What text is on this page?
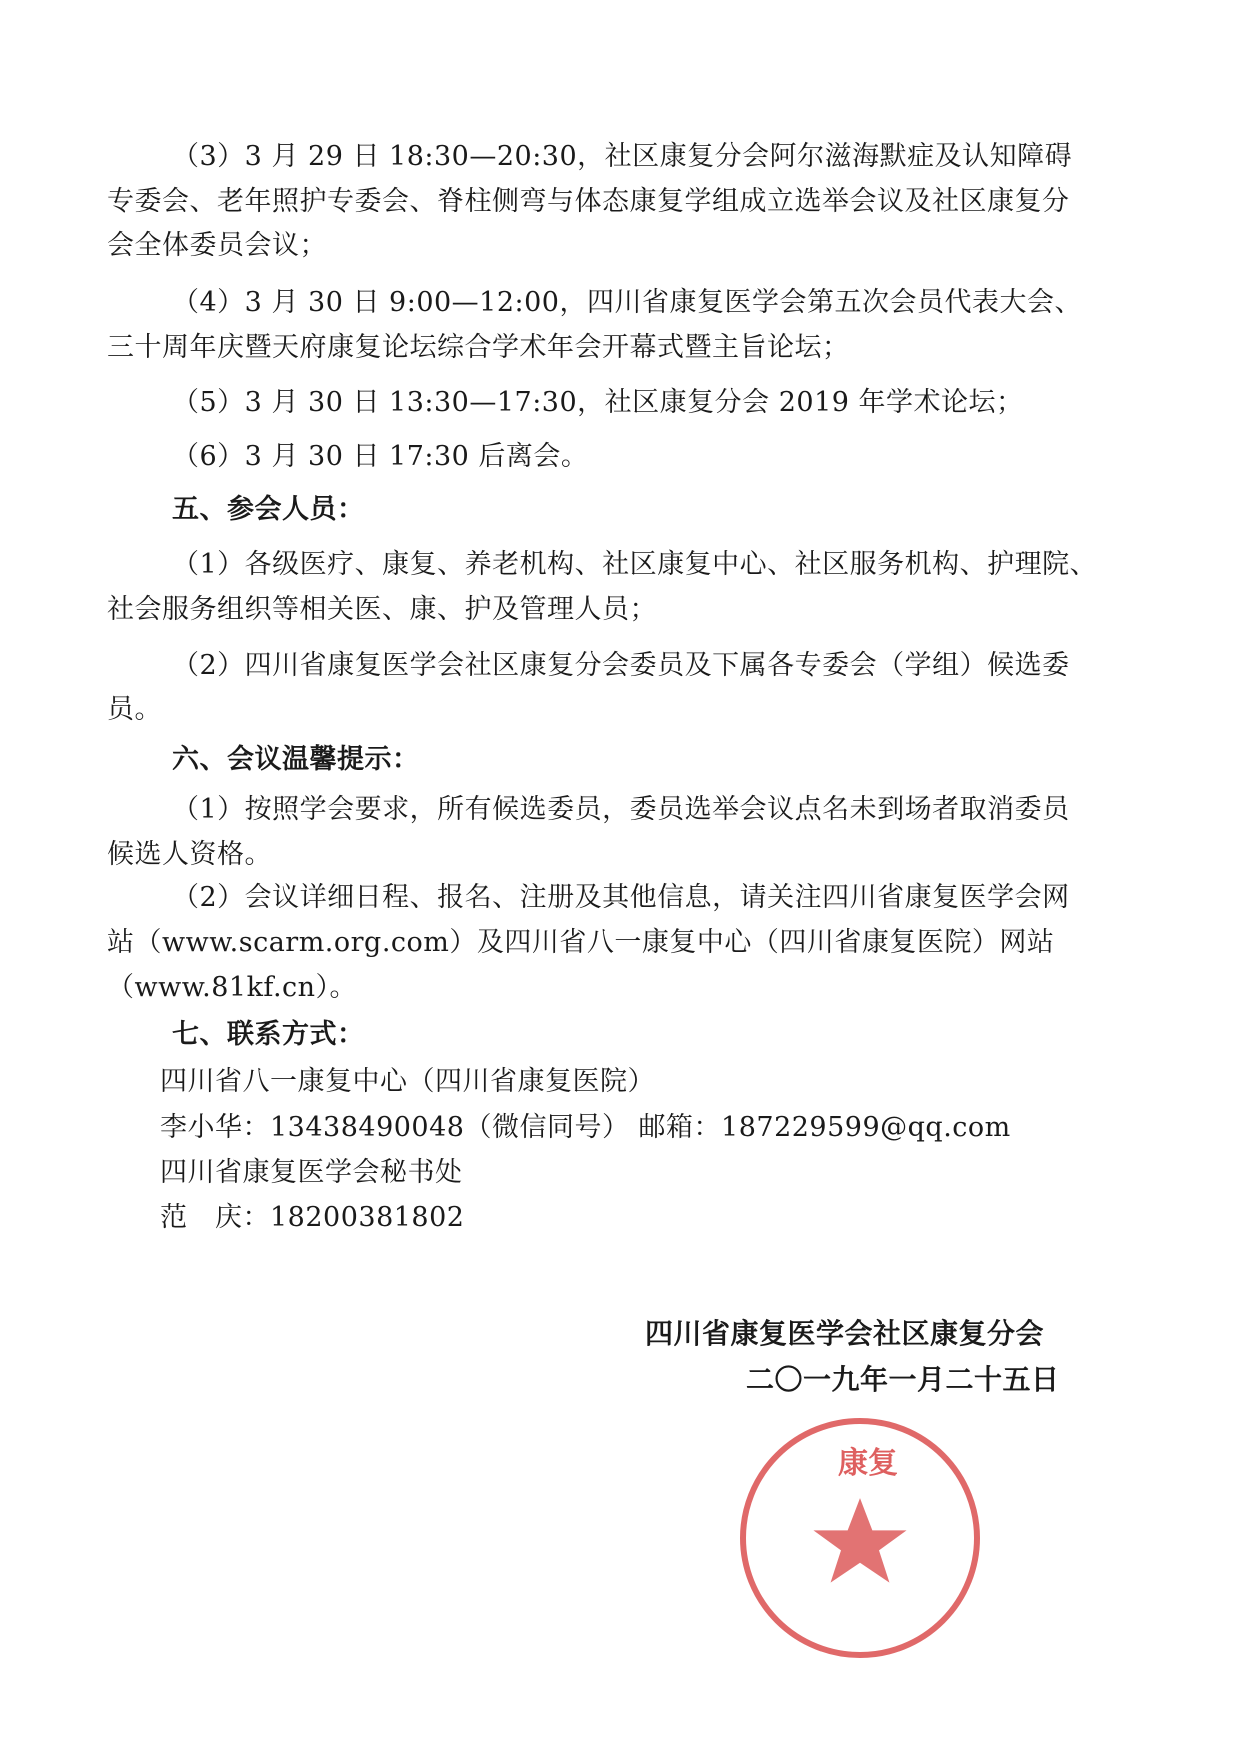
（3）3 月 29 日 18:30—20:30，社区康复分会阿尔滋海默症及认知障碍
专委会、老年照护专委会、脊柱侧弯与体态康复学组成立选举会议及社区康复分
会全体委员会议；
（4）3 月 30 日 9:00—12:00，四川省康复医学会第五次会员代表大会、
三十周年庆暨天府康复论坛综合学术年会开幕式暨主旨论坛；
（5）3 月 30 日 13:30—17:30，社区康复分会 2019 年学术论坛；
（6）3 月 30 日 17:30 后离会。
五、参会人员：
（1）各级医疗、康复、养老机构、社区康复中心、社区服务机构、护理院、
社会服务组织等相关医、康、护及管理人员；
（2）四川省康复医学会社区康复分会委员及下属各专委会（学组）候选委
员。
六、会议温馨提示：
（1）按照学会要求，所有候选委员，委员选举会议点名未到场者取消委员
候选人资格。
（2）会议详细日程、报名、注册及其他信息，请关注四川省康复医学会网
站（www.scarm.org.com）及四川省八一康复中心（四川省康复医院）网站
（www.81kf.cn）。
七、联系方式：
四川省八一康复中心（四川省康复医院）
李小华：13438490048（微信同号） 邮箱：187229599@qq.com
四川省康复医学会秘书处
范　庆：18200381802
康复
四川省康复医学会社区康复分会
二〇一九年一月二十五日
